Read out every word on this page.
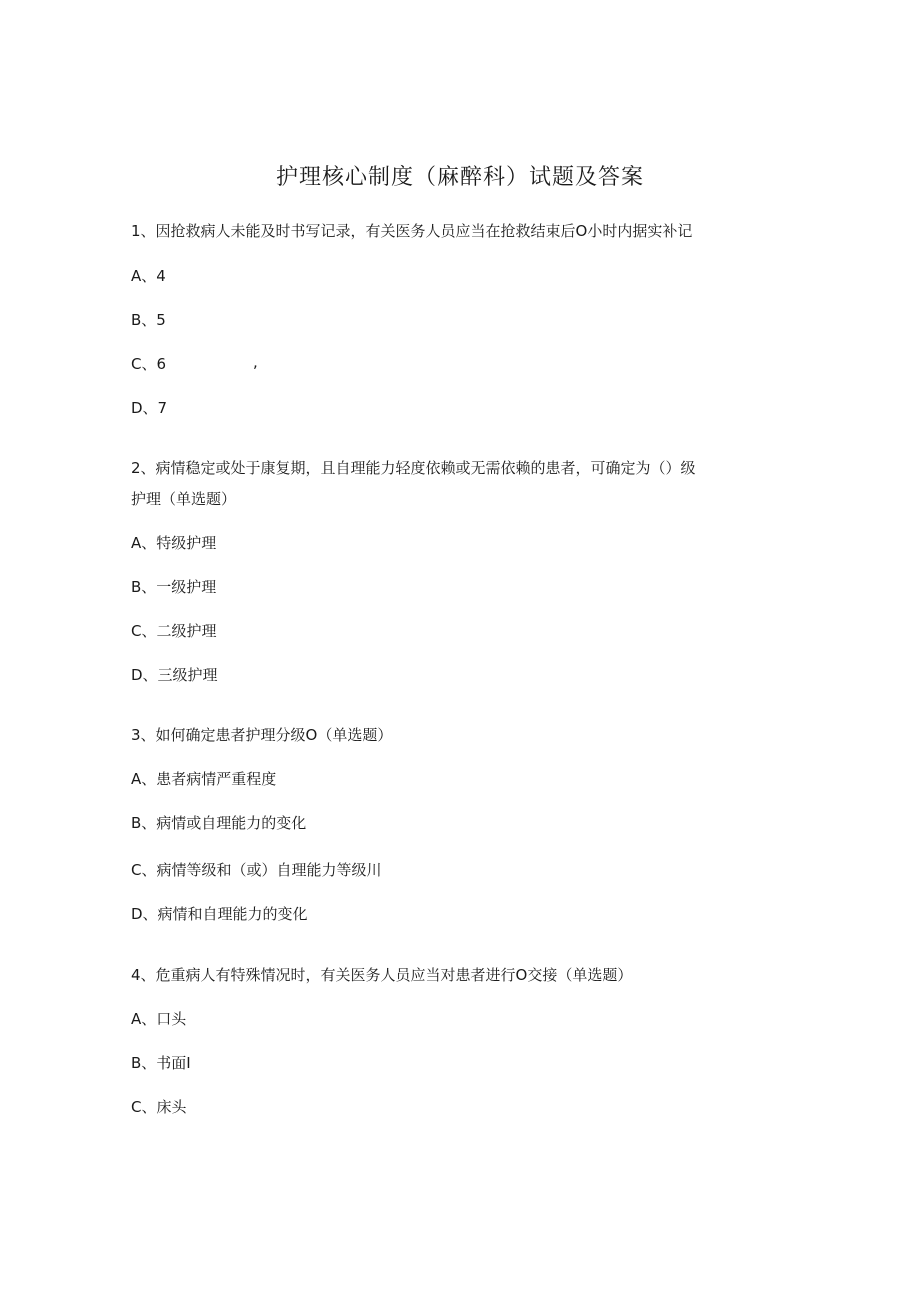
护理核心制度（麻醉科）试题及答案
1、因抢救病人未能及时书写记录，有关医务人员应当在抢救结束后O小时内据实补记
A、4
B、5
C、6	,
D、7
2、病情稳定或处于康复期，且自理能力轻度依赖或无需依赖的患者，可确定为（）级
护理（单选题）
A、特级护理
B、一级护理
C、二级护理
D、三级护理
3、如何确定患者护理分级O（单选题）
A、患者病情严重程度
B、病情或自理能力的变化
C、病情等级和（或）自理能力等级川
D、病情和自理能力的变化
4、危重病人有特殊情况时，有关医务人员应当对患者进行O交接（单选题）
A、口头
B、书面I
C、床头
